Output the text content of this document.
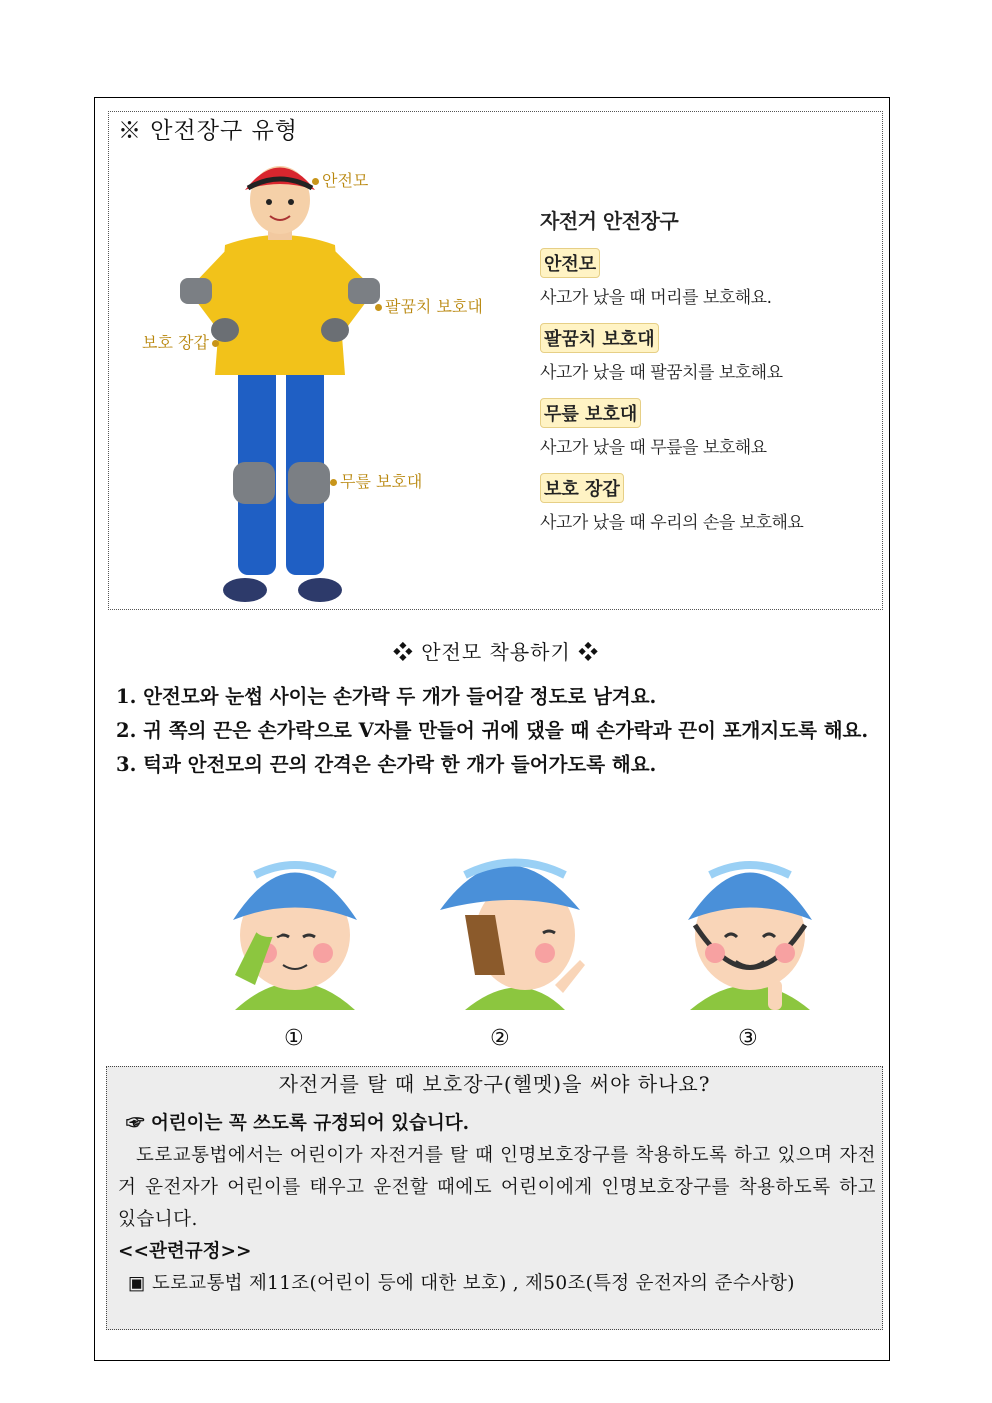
※ 안전장구 유형
안전모
팔꿈치 보호대
보호 장갑
무릎 보호대
자전거 안전장구
안전모
사고가 났을 때 머리를 보호해요.
팔꿈치 보호대
사고가 났을 때 팔꿈치를 보호해요
무릎 보호대
사고가 났을 때 무릎을 보호해요
보호 장갑
사고가 났을 때 우리의 손을 보호해요
❖ 안전모 착용하기 ❖

1. 안전모와 눈썹 사이는 손가락 두 개가 들어갈 정도로 남겨요.

2. 귀 쪽의 끈은 손가락으로 V자를 만들어 귀에 댔을 때 손가락과 끈이 포개지도록 해요.

3. 턱과 안전모의 끈의 간격은 손가락 한 개가 들어가도록 해요.

①	②	③
자전거를 탈 때 보호장구(헬멧)을 써야 하나요?

☞ 어린이는 꼭 쓰도록 규정되어 있습니다.

도로교통법에서는 어린이가 자전거를 탈 때 인명보호장구를 착용하도록 하고 있으며 자전거 운전자가 어린이를 태우고 운전할 때에도 어린이에게 인명보호장구를 착용하도록 하고 있습니다.

<<관련규정>>

▣ 도로교통법 제11조(어린이 등에 대한 보호) , 제50조(특정 운전자의 준수사항)
